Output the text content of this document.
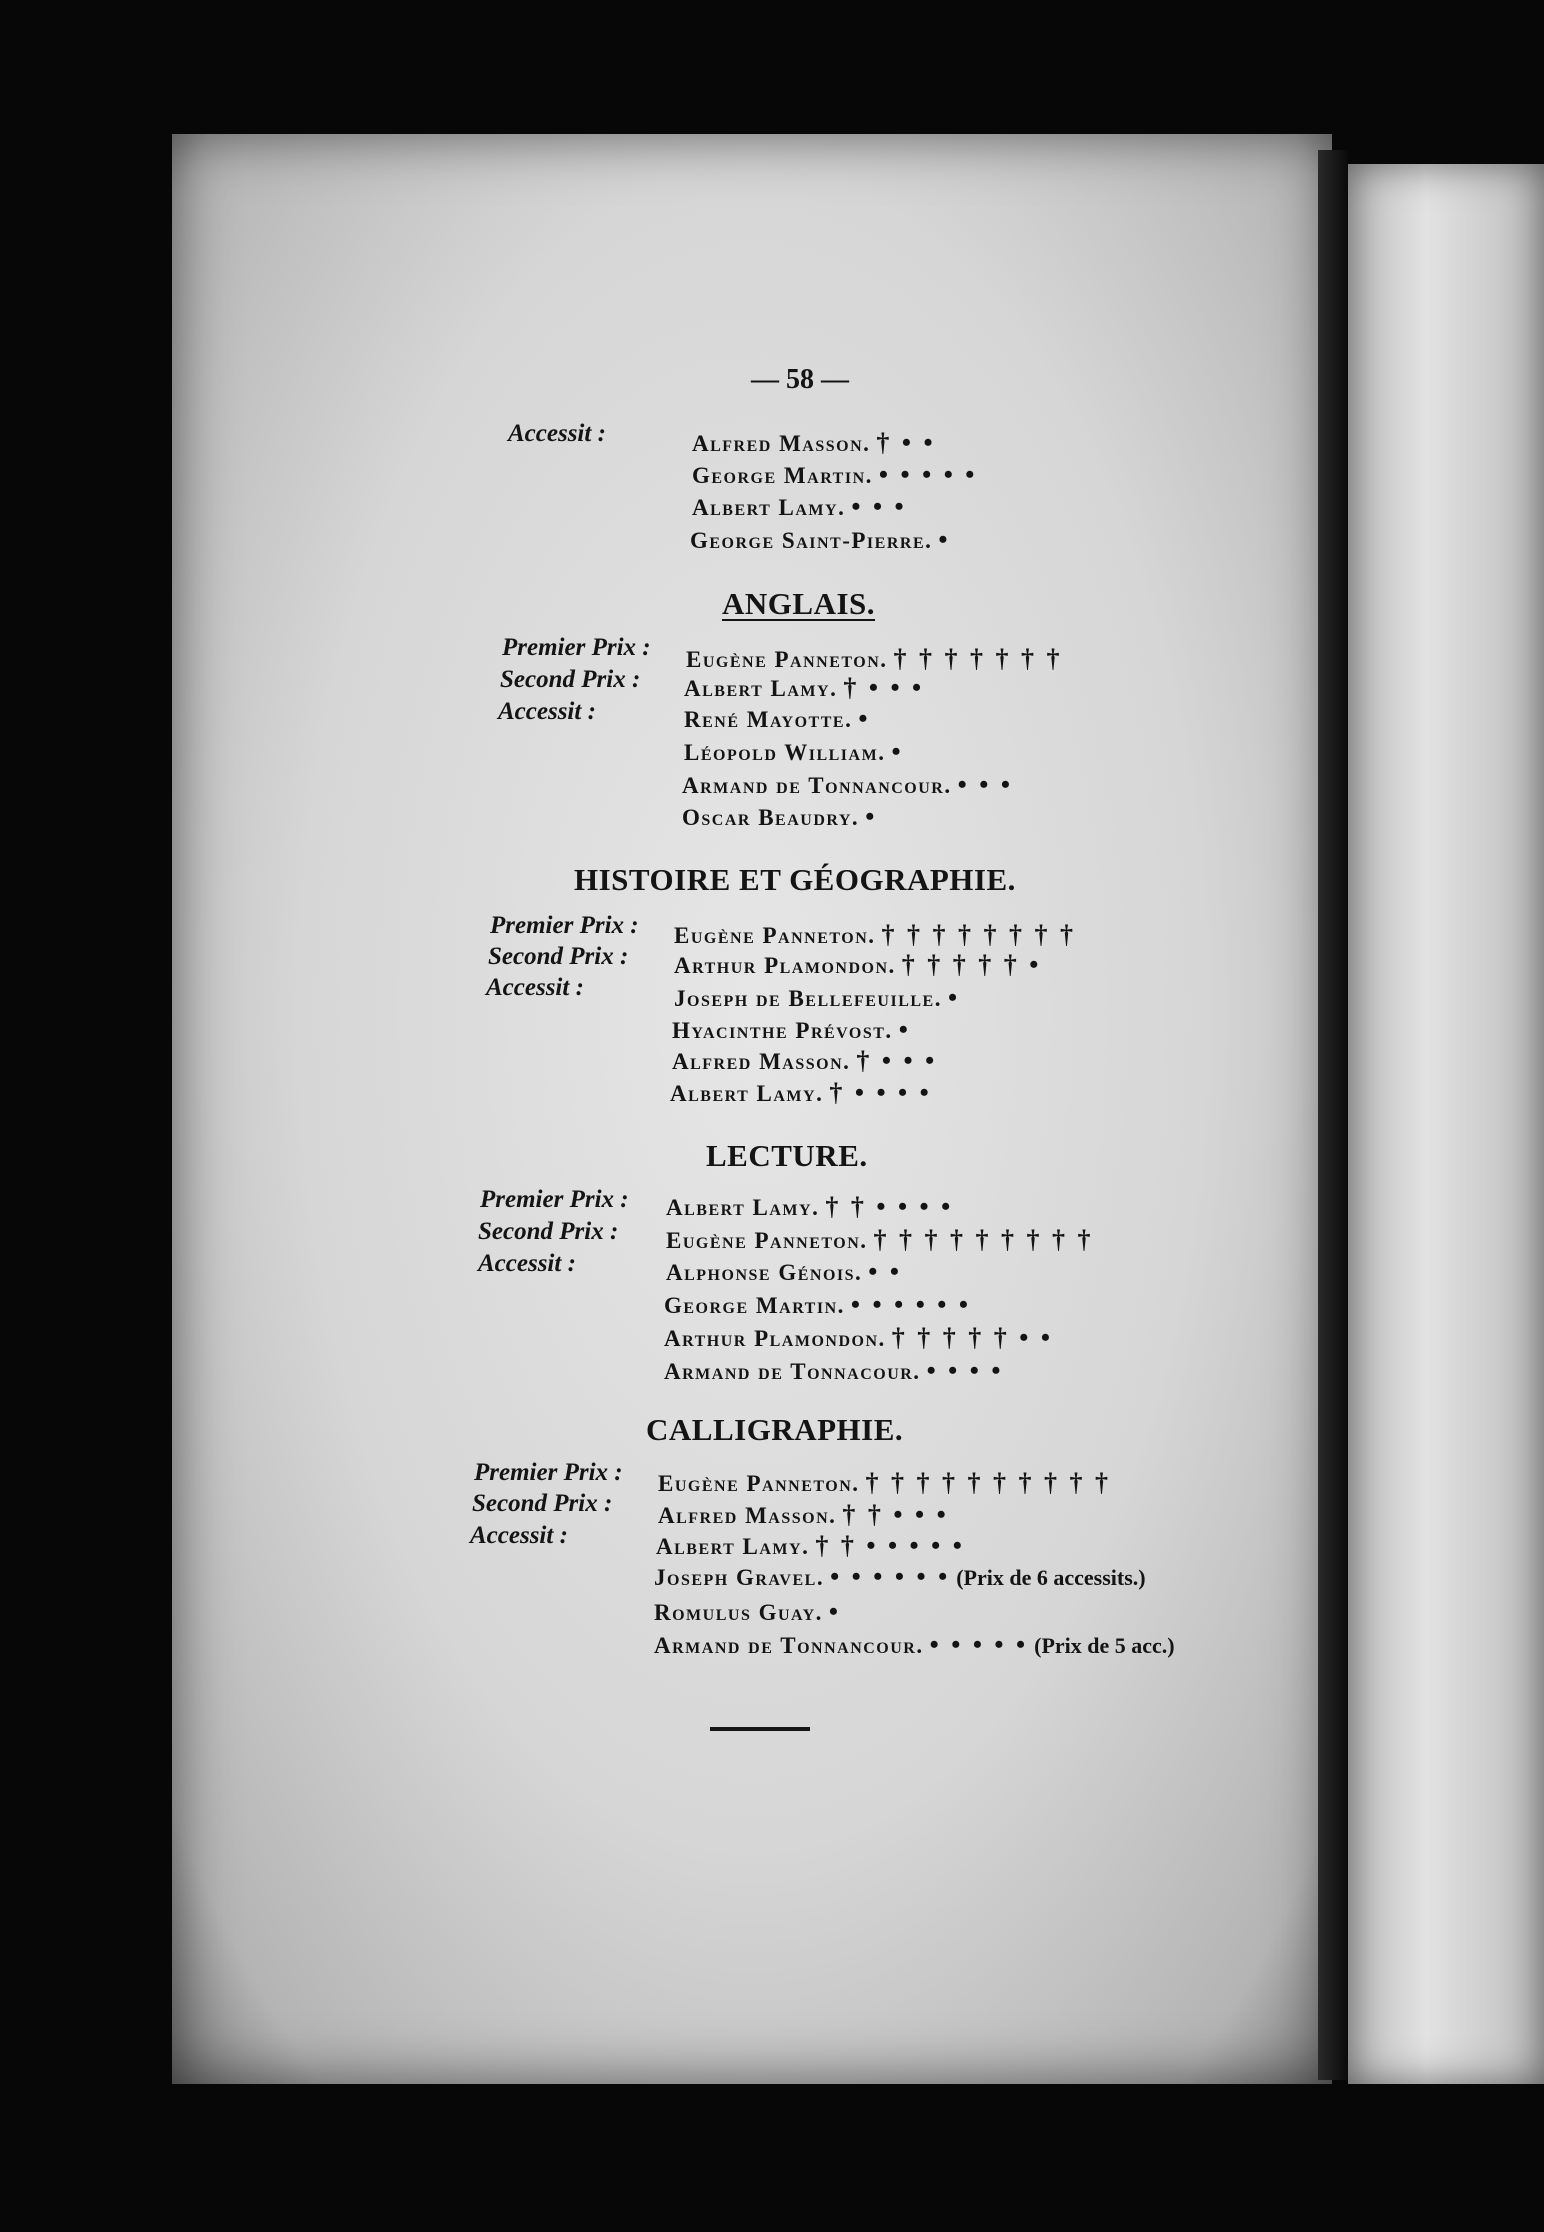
— 58 —
Accessit :	Alfred Masson. † • •
George Martin. • • • • •
Albert Lamy. • • •
George Saint-Pierre. •
ANGLAIS.
Premier Prix :
Second Prix :
Accessit :
Eugène Panneton. † † † † † † †
Albert Lamy. † • • •
René Mayotte. •
Léopold William. •
Armand de Tonnancour. • • •
Oscar Beaudry. •
HISTOIRE ET GÉOGRAPHIE.
Premier Prix :
Second Prix :
Accessit :
Eugène Panneton. † † † † † † † †
Arthur Plamondon. † † † † † •
Joseph de Bellefeuille. •
Hyacinthe Prévost. •
Alfred Masson. † • • •
Albert Lamy. † • • • •
LECTURE.
Premier Prix :
Second Prix :
Accessit :
Albert Lamy. † † • • • •
Eugène Panneton. † † † † † † † † †
Alphonse Génois. • •
George Martin. • • • • • •
Arthur Plamondon. † † † † † • •
Armand de Tonnacour. • • • •
CALLIGRAPHIE.
Premier Prix :
Second Prix :
Accessit :
Eugène Panneton. † † † † † † † † † †
Alfred Masson. † † • • •
Albert Lamy. † † • • • • •
Joseph Gravel. • • • • • • (Prix de 6 accessits.)
Romulus Guay. •
Armand de Tonnancour. • • • • • (Prix de 5 acc.)
